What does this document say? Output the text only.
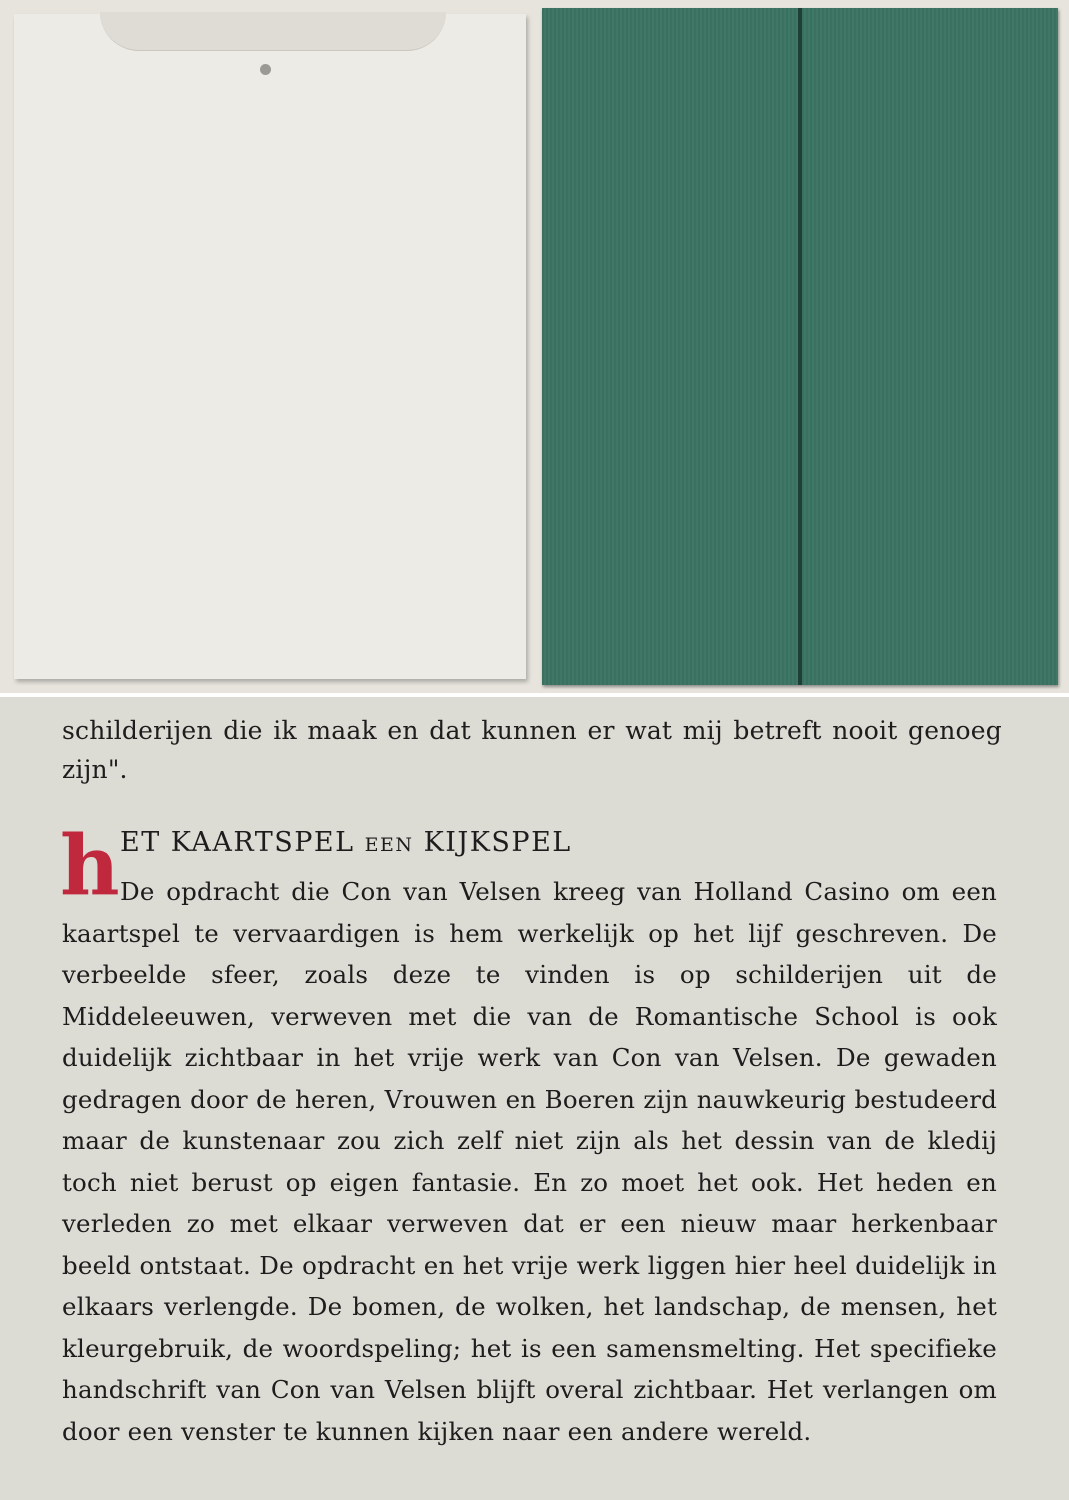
schilderijen die ik maak en dat kunnen er wat mij betreft nooit genoeg zijn".

h ET KAARTSPEL een KIJKSPEL

De opdracht die Con van Velsen kreeg van Holland Casino om een kaartspel te vervaardigen is hem werkelijk op het lijf geschreven. De verbeelde sfeer, zoals deze te vinden is op schilderijen uit de Middeleeuwen, verweven met die van de Romantische School is ook duidelijk zichtbaar in het vrije werk van Con van Velsen. De gewaden gedragen door de heren, Vrouwen en Boeren zijn nauwkeurig bestudeerd maar de kunstenaar zou zich zelf niet zijn als het dessin van de kledij toch niet berust op eigen fantasie. En zo moet het ook. Het heden en verleden zo met elkaar verweven dat er een nieuw maar herkenbaar beeld ontstaat. De opdracht en het vrije werk liggen hier heel duidelijk in elkaars verlengde. De bomen, de wolken, het landschap, de mensen, het kleurgebruik, de woordspeling; het is een samensmelting. Het specifieke handschrift van Con van Velsen blijft overal zichtbaar. Het verlangen om door een venster te kunnen kijken naar een andere wereld.
